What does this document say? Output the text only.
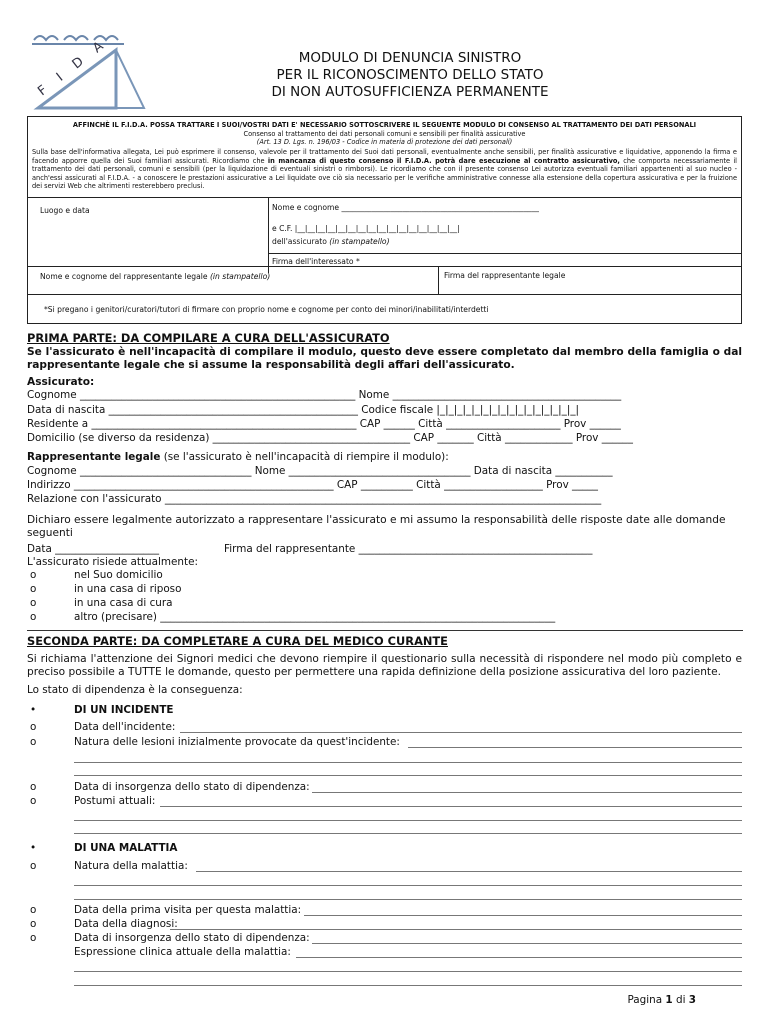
F I D A	MODULO DI DENUNCIA SINISTRO
PER IL RICONOSCIMENTO DELLO STATO
DI NON AUTOSUFFICIENZA PERMANENTE
AFFINCHÈ IL F.I.D.A. POSSA TRATTARE I SUOI/VOSTRI DATI E' NECESSARIO SOTTOSCRIVERE IL SEGUENTE MODULO DI CONSENSO AL TRATTAMENTO DEI DATI PERSONALI
Consenso al trattamento dei dati personali comuni e sensibili per finalità assicurative
(Art. 13 D. Lgs. n. 196/03 - Codice in materia di protezione dei dati personali)
Sulla base dell'informativa allegata, Lei può esprimere il consenso, valevole per il trattamento dei Suoi dati personali, eventualmente anche sensibili, per finalità assicurative e liquidative, apponendo la firma e facendo apporre quella dei Suoi familiari assicurati. Ricordiamo che in mancanza di questo consenso il F.I.D.A. potrà dare esecuzione al contratto assicurativo, che comporta necessariamente il trattamento dei dati personali, comuni e sensibili (per la liquidazione di eventuali sinistri o rimborsi). Le ricordiamo che con il presente consenso Lei autorizza eventuali familiari appartenenti al suo nucleo - anch'essi assicurati al F.I.D.A. - a conoscere le prestazioni assicurative a Lei liquidate ove ciò sia necessario per le verifiche amministrative connesse alla estensione della copertura assicurativa e per la fruizione dei servizi Web che altrimenti resterebbero preclusi.
Luogo e data	Nome e cognome ____________________________________________________
e C.F. |__|__|__|__|__|__|__|__|__|__|__|__|__|__|__|__|
dell'assicurato (in stampatello)
Firma dell'interessato *
Nome e cognome del rappresentante legale (in stampatello)	Firma del rappresentante legale
*Si pregano i genitori/curatori/tutori di firmare con proprio nome e cognome per conto dei minori/inabilitati/interdetti
PRIMA PARTE: DA COMPILARE A CURA DELL'ASSICURATO
Se l'assicurato è nell'incapacità di compilare il modulo, questo deve essere completato dal membro della famiglia o dal rappresentante legale che si assume la responsabilità degli affari dell'assicurato.
Assicurato:
Cognome _____________________________________________________ Nome ____________________________________________
Data di nascita ________________________________________________ Codice fiscale |_|_|_|_|_|_|_|_|_|_|_|_|_|_|_|_|
Residente a ___________________________________________________ CAP ______ Città ______________________ Prov ______
Domicilio (se diverso da residenza) ______________________________________ CAP _______ Città _____________ Prov ______
Rappresentante legale (se l'assicurato è nell'incapacità di riempire il modulo):
Cognome _________________________________ Nome ___________________________________ Data di nascita ___________
Indirizzo __________________________________________________ CAP __________ Città ___________________ Prov _____
Relazione con l'assicurato ____________________________________________________________________________________
Dichiaro essere legalmente autorizzato a rappresentare l'assicurato e mi assumo la responsabilità delle risposte date alle domande seguenti
Data ____________________	Firma del rappresentante _____________________________________________
L'assicurato risiede attualmente:
o	nel Suo domicilio
o	in una casa di riposo
o	in una casa di cura
o	altro (precisare) ____________________________________________________________________________
SECONDA PARTE: DA COMPLETARE A CURA DEL MEDICO CURANTE
Si richiama l'attenzione dei Signori medici che devono riempire il questionario sulla necessità di rispondere nel modo più completo e preciso possibile a TUTTE le domande, questo per permettere una rapida definizione della posizione assicurativa del loro paziente.
Lo stato di dipendenza è la conseguenza:
•	DI UN INCIDENTE
o	Data dell'incidente:
o	Natura delle lesioni inizialmente provocate da quest'incidente:
o	Data di insorgenza dello stato di dipendenza:
o	Postumi attuali:
•	DI UNA MALATTIA
o	Natura della malattia:
o	Data della prima visita per questa malattia:
o	Data della diagnosi:
o	Data di insorgenza dello stato di dipendenza:
Espressione clinica attuale della malattia:
Pagina 1 di 3
